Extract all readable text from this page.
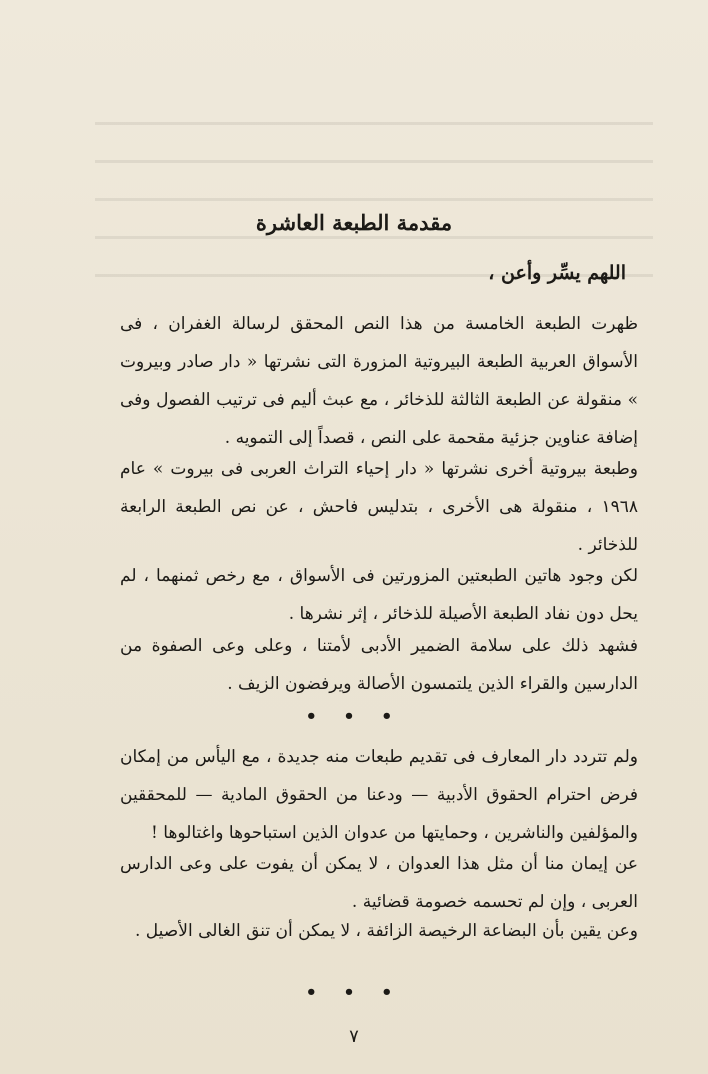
مقدمة الطبعة العاشرة
اللهم يسِّر وأعن ،
ظهرت الطبعة الخامسة من هذا النص المحقق لرسالة الغفران ، فى الأسواق العربية الطبعة البيروتية المزورة التى نشرتها « دار صادر وبيروت » منقولة عن الطبعة الثالثة للذخائر ، مع عبث أليم فى ترتيب الفصول وفى إضافة عناوين جزئية مقحمة على النص ، قصداً إلى التمويه .
وطبعة بيروتية أخرى نشرتها « دار إحياء التراث العربى فى بيروت » عام ١٩٦٨ ، منقولة هى الأخرى ، بتدليس فاحش ، عن نص الطبعة الرابعة للذخائر .
لكن وجود هاتين الطبعتين المزورتين فى الأسواق ، مع رخص ثمنهما ، لم يحل دون نفاد الطبعة الأصيلة للذخائر ، إثر نشرها .
فشهد ذلك على سلامة الضمير الأدبى لأمتنا ، وعلى وعى الصفوة من الدارسين والقراء الذين يلتمسون الأصالة ويرفضون الزيف .
• • •
ولم تتردد دار المعارف فى تقديم طبعات منه جديدة ، مع اليأس من إمكان فرض احترام الحقوق الأدبية — ودعنا من الحقوق المادية — للمحققين والمؤلفين والناشرين ، وحمايتها من عدوان الذين استباحوها واغتالوها !
عن إيمان منا أن مثل هذا العدوان ، لا يمكن أن يفوت على وعى الدارس العربى ، وإن لم تحسمه خصومة قضائية .
وعن يقين بأن البضاعة الرخيصة الزائفة ، لا يمكن أن تنق الغالى الأصيل .
• • •
٧
